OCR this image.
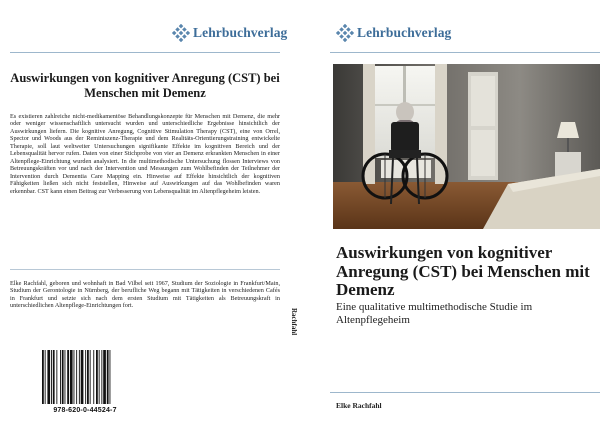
Lehrbuchverlag
Auswirkungen von kognitiver Anregung (CST) bei Menschen mit Demenz
Es existieren zahlreiche nicht-medikamentöse Behandlungskonzepte für Menschen mit Demenz, die mehr oder weniger wissenschaftlich untersucht wurden und unterschiedliche Ergebnisse hinsichtlich der Auswirkungen liefern. Die kognitive Anregung, Cognitive Stimulation Therapy (CST), eine von Orrel, Spector und Woods aus der Reminiszenz-Therapie und dem Realitäts-Orientierungstraining entwickelte Therapie, soll laut weltweiter Untersuchungen signifikante Effekte im kognitiven Bereich und der Lebensqualität hervor rufen. Daten von einer Stichprobe von vier an Demenz erkrankten Menschen in einer Altenpflege-Einrichtung wurden analysiert. In die multimethodische Untersuchung flossen Interviews von Betreuungskräften vor und nach der Intervention und Messungen zum Wohlbefinden der Teilnehmer der Intervention durch Dementia Care Mapping ein. Hinweise auf Effekte hinsichtlich der kognitiven Fähigkeiten ließen sich nicht feststellen, Hinweise auf Auswirkungen auf das Wohlbefinden waren erkennbar. CST kann einen Beitrag zur Verbesserung von Lebensqualität im Altenpflegeheim leisten.
Elke Rachfahl, geboren und wohnhaft in Bad Vilbel seit 1967, Studium der Soziologie in Frankfurt/Main, Studium der Gerontologie in Nürnberg, der berufliche Weg begann mit Tätigkeiten in verschiedenen Cafés in Frankfurt und setzte sich nach dem ersten Studium mit Tätigkeiten als Betreuungskraft in unterschiedlichen Altenpflege-Einrichtungen fort.
978-620-0-44524-7
Rachfahl
Lehrbuchverlag
Auswirkungen von kognitiver Anregung (CST) bei Menschen mit Demenz
Eine qualitative multimethodische Studie im Altenpflegeheim
Elke Rachfahl
